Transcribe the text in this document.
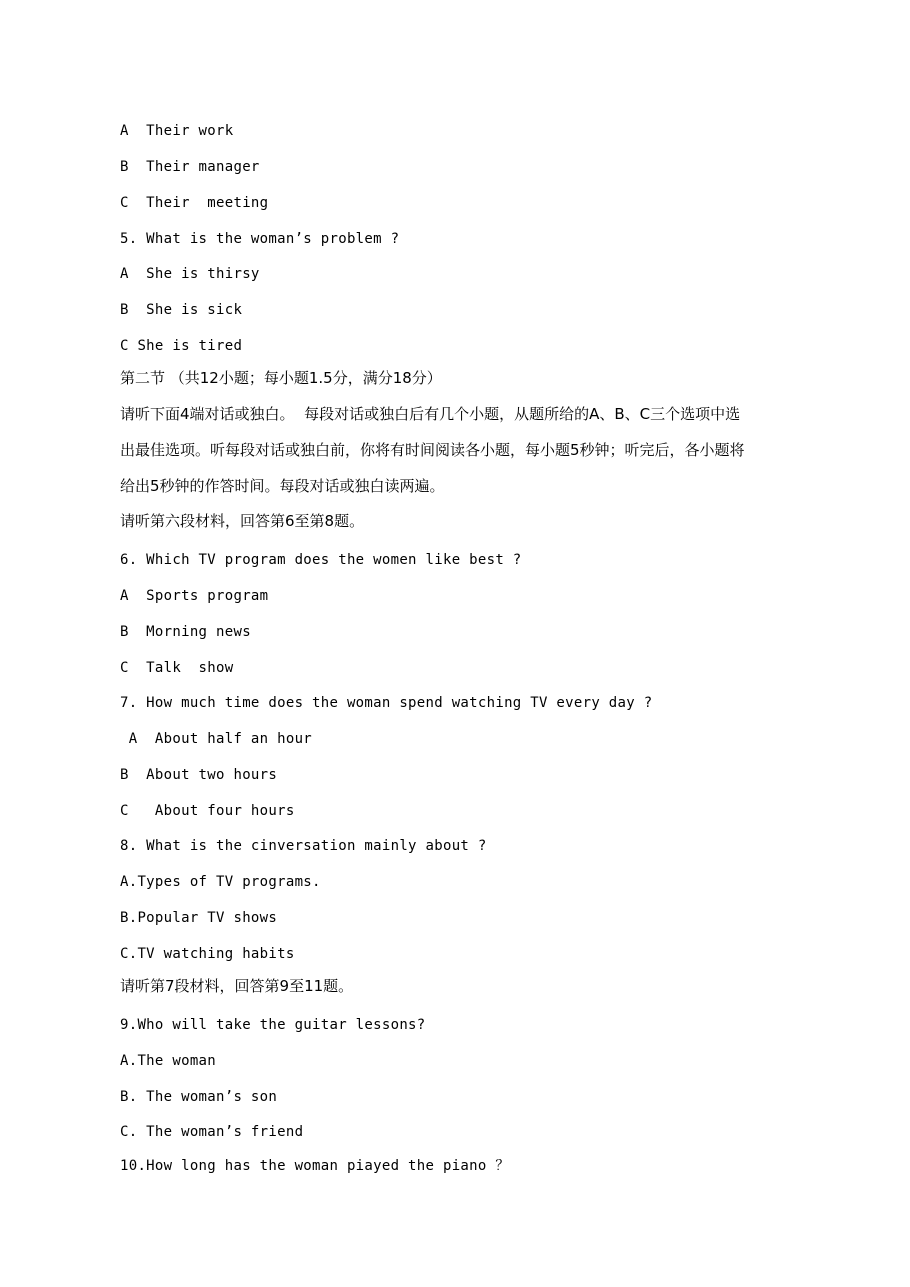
A  Their work
B  Their manager
C  Their  meeting
5. What is the woman’s problem ?
A  She is thirsy
B  She is sick
C She is tired
第二节 （共12小题；每小题1.5分，满分18分）
请听下面4端对话或独白。  每段对话或独白后有几个小题，从题所给的A、B、C三个选项中选
出最佳选项。听每段对话或独白前，你将有时间阅读各小题，每小题5秒钟；听完后，各小题将
给出5秒钟的作答时间。每段对话或独白读两遍。
请听第六段材料，回答第6至第8题。
6. Which TV program does the women like best ?
A  Sports program
B  Morning news
C  Talk  show
7. How much time does the woman spend watching TV every day ?
A  About half an hour
B  About two hours
C   About four hours
8. What is the cinversation mainly about ?
A.Types of TV programs.
B.Popular TV shows
C.TV watching habits
请听第7段材料，回答第9至11题。
9.Who will take the guitar lessons?
A.The woman
B. The woman’s son
C. The woman’s friend
10.How long has the woman piayed the piano ？
